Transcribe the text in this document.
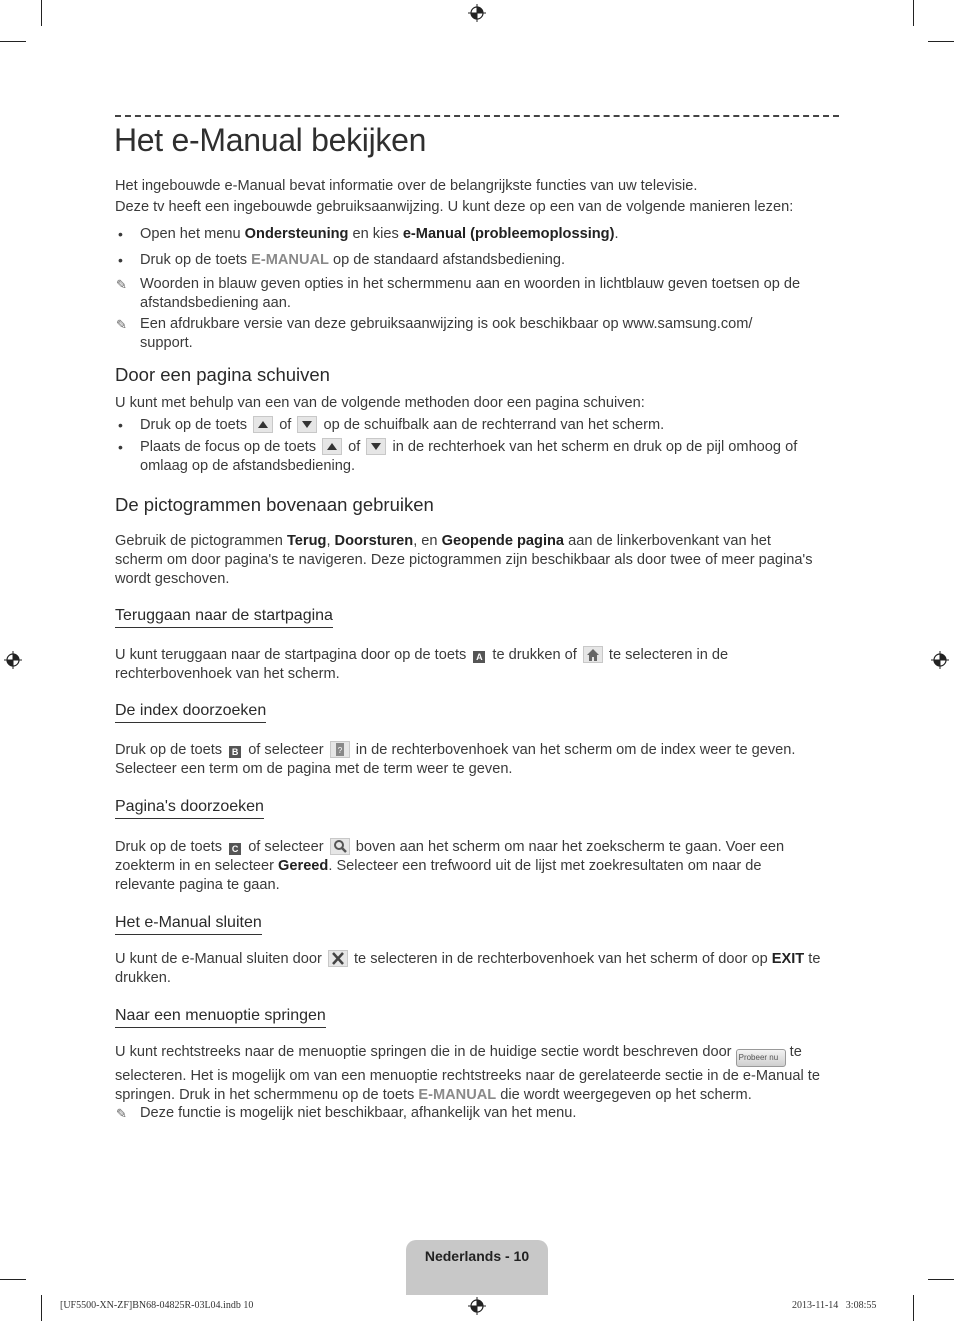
Het e-Manual bekijken

Het ingebouwde e-Manual bevat informatie over de belangrijkste functies van uw televisie.

Deze tv heeft een ingebouwde gebruiksaanwijzing. U kunt deze op een van de volgende manieren lezen:

• Open het menu Ondersteuning en kies e-Manual (probleemoplossing).

• Druk op de toets E-MANUAL op de standaard afstandsbediening.

✎ Woorden in blauw geven opties in het schermmenu aan en woorden in lichtblauw geven toetsen op de afstandsbediening aan.

✎ Een afdrukbare versie van deze gebruiksaanwijzing is ook beschikbaar op www.samsung.com/ support.

Door een pagina schuiven

U kunt met behulp van een van de volgende methoden door een pagina schuiven:

• Druk op de toets
of
op de schuifbalk aan de rechterrand van het scherm.

• Plaats de focus op de toets
of
in de rechterhoek van het scherm en druk op de pijl omhoog of omlaag op de afstandsbediening.

De pictogrammen bovenaan gebruiken

Gebruik de pictogrammen Terug, Doorsturen, en Geopende pagina aan de linkerbovenkant van het scherm om door pagina's te navigeren. Deze pictogrammen zijn beschikbaar als door twee of meer pagina's wordt geschoven.

Teruggaan naar de startpagina

U kunt teruggaan naar de startpagina door op de toets A te drukken of
te selecteren in de rechterbovenhoek van het scherm.

De index doorzoeken

Druk op de toets B of selecteer ? in de rechterbovenhoek van het scherm om de index weer te geven. Selecteer een term om de pagina met de term weer te geven.

Pagina's doorzoeken

Druk op de toets C of selecteer
boven aan het scherm om naar het zoekscherm te gaan. Voer een zoekterm in en selecteer Gereed. Selecteer een trefwoord uit de lijst met zoekresultaten om naar de relevante pagina te gaan.

Het e-Manual sluiten

U kunt de e-Manual sluiten door
te selecteren in de rechterbovenhoek van het scherm of door op EXIT te drukken.

Naar een menuoptie springen

U kunt rechtstreeks naar de menuoptie springen die in de huidige sectie wordt beschreven door Probeer nu te selecteren. Het is mogelijk om van een menuoptie rechtstreeks naar de gerelateerde sectie in de e-Manual te springen. Druk in het schermmenu op de toets E-MANUAL die wordt weergegeven op het scherm.

✎ Deze functie is mogelijk niet beschikbaar, afhankelijk van het menu.

Nederlands - 10
[UF5500-XN-ZF]BN68-04825R-03L04.indb 10	2013-11-14   3:08:55
